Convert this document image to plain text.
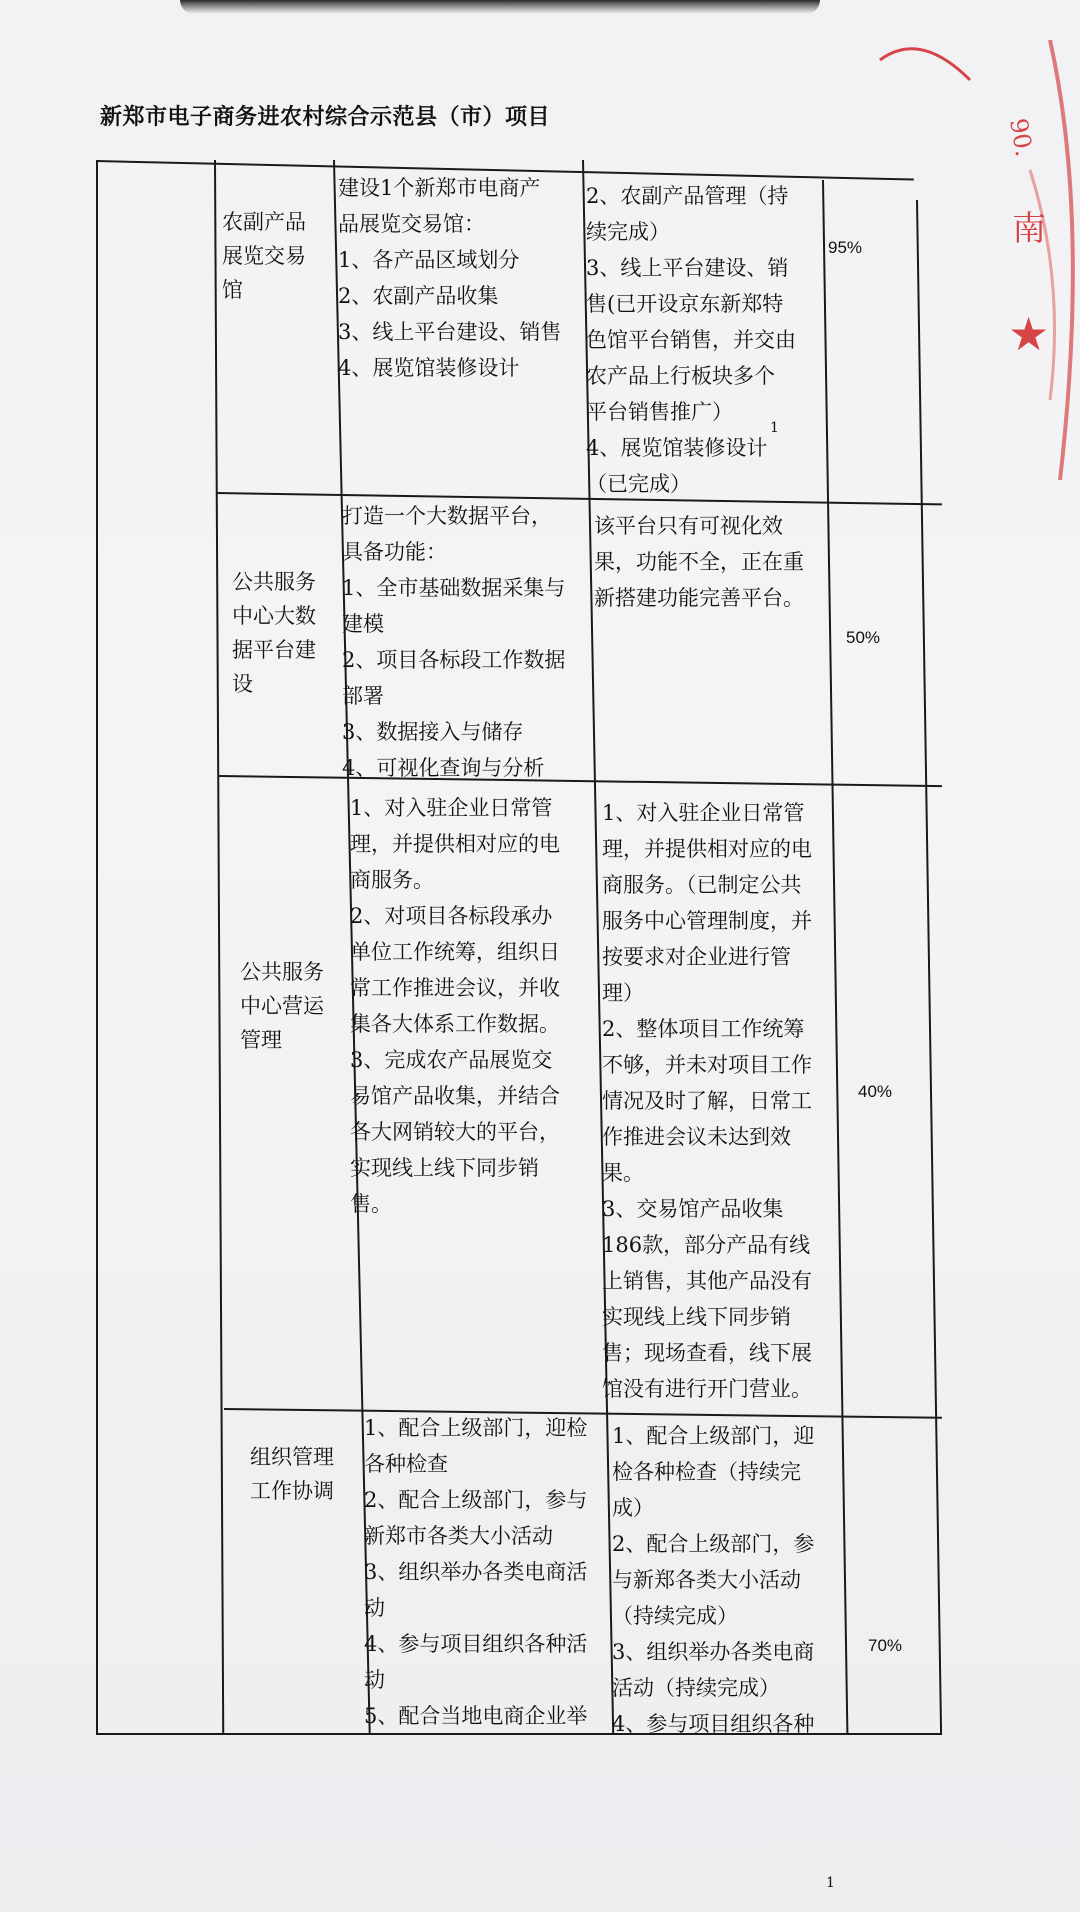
新郑市电子商务进农村综合示范县（市）项目	90.
南
★
农副产品
展览交易
馆
建设1个新郑市电商产
品展览交易馆：
1、各产品区域划分
2、农副产品收集
3、线上平台建设、销售
4、展览馆装修设计
2、农副产品管理（持
续完成）
3、线上平台建设、销
售(已开设京东新郑特
色馆平台销售，并交由
农产品上行板块多个
平台销售推广）
4、展览馆装修设计
（已完成）
95%
公共服务
中心大数
据平台建
设
打造一个大数据平台，
具备功能：
1、全市基础数据采集与
建模
2、项目各标段工作数据
部署
3、数据接入与储存
4、可视化查询与分析
该平台只有可视化效
果，功能不全，正在重
新搭建功能完善平台。
50%
公共服务
中心营运
管理
1、对入驻企业日常管
理，并提供相对应的电
商服务。
2、对项目各标段承办
单位工作统筹，组织日
常工作推进会议，并收
集各大体系工作数据。
3、完成农产品展览交
易馆产品收集，并结合
各大网销较大的平台，
实现线上线下同步销
售。
1、对入驻企业日常管
理，并提供相对应的电
商服务。（已制定公共
服务中心管理制度，并
按要求对企业进行管
理）
2、整体项目工作统筹
不够，并未对项目工作
情况及时了解，日常工
作推进会议未达到效
果。
3、交易馆产品收集
186款，部分产品有线
上销售，其他产品没有
实现线上线下同步销
售；现场查看，线下展
馆没有进行开门营业。
40%
组织管理
工作协调
1、配合上级部门，迎检
各种检查
2、配合上级部门，参与
新郑市各类大小活动
3、组织举办各类电商活
动
4、参与项目组织各种活
动
5、配合当地电商企业举
1、配合上级部门，迎
检各种检查（持续完
成）
2、配合上级部门，参
与新郑各类大小活动
（持续完成）
3、组织举办各类电商
活动（持续完成）
4、参与项目组织各种
70%
1
1
